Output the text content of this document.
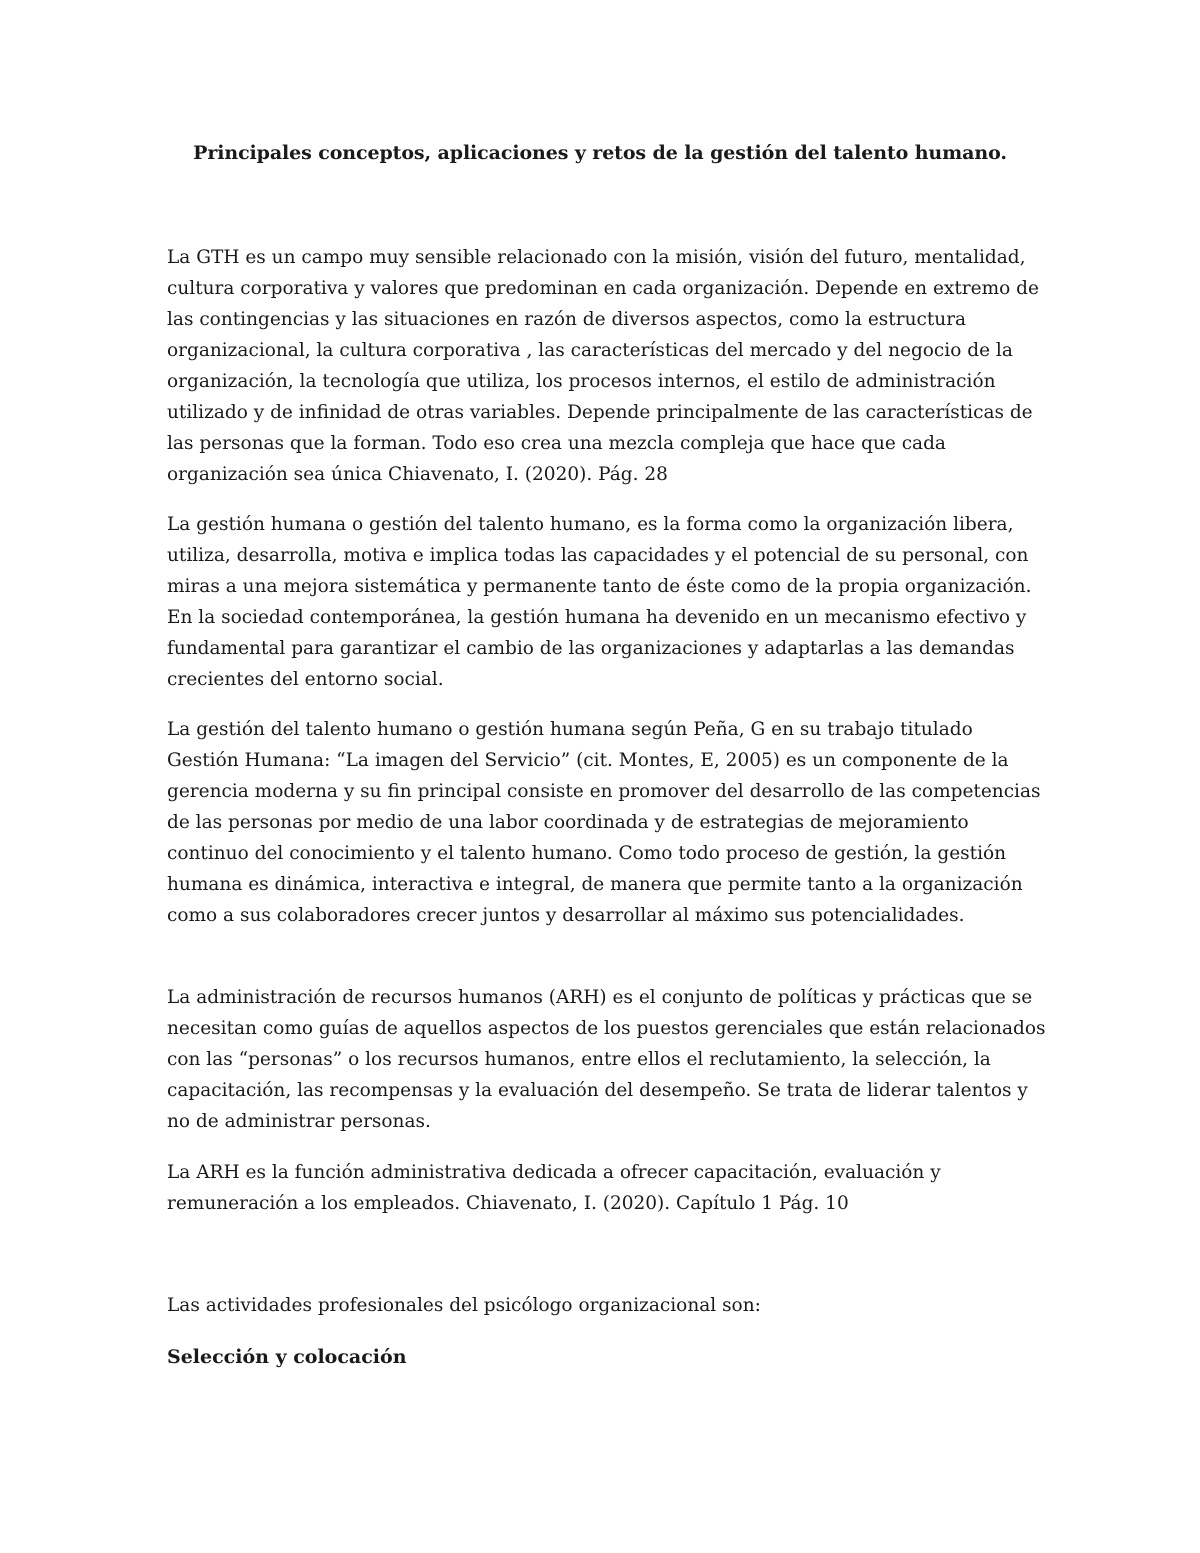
Principales conceptos, aplicaciones y retos de la gestión del talento humano.

La GTH es un campo muy sensible relacionado con la misión, visión del futuro, mentalidad, cultura corporativa y valores que predominan en cada organización. Depende en extremo de las contingencias y las situaciones en razón de diversos aspectos, como la estructura organizacional, la cultura corporativa , las características del mercado y del negocio de la organización, la tecnología que utiliza, los procesos internos, el estilo de administración utilizado y de infinidad de otras variables. Depende principalmente de las características de las personas que la forman. Todo eso crea una mezcla compleja que hace que cada organización sea única Chiavenato, I. (2020). Pág. 28

La gestión humana o gestión del talento humano, es la forma como la organización libera, utiliza, desarrolla, motiva e implica todas las capacidades y el potencial de su personal, con miras a una mejora sistemática y permanente tanto de éste como de la propia organización. En la sociedad contemporánea, la gestión humana ha devenido en un mecanismo efectivo y fundamental para garantizar el cambio de las organizaciones y adaptarlas a las demandas crecientes del entorno social.

La gestión del talento humano o gestión humana según Peña, G en su trabajo titulado Gestión Humana: “La imagen del Servicio” (cit. Montes, E, 2005) es un componente de la gerencia moderna y su fin principal consiste en promover del desarrollo de las competencias de las personas por medio de una labor coordinada y de estrategias de mejoramiento continuo del conocimiento y el talento humano. Como todo proceso de gestión, la gestión humana es dinámica, interactiva e integral, de manera que permite tanto a la organización como a sus colaboradores crecer juntos y desarrollar al máximo sus potencialidades.

La administración de recursos humanos (ARH) es el conjunto de políticas y prácticas que se necesitan como guías de aquellos aspectos de los puestos gerenciales que están relacionados con las “personas” o los recursos humanos, entre ellos el reclutamiento, la selección, la capacitación, las recompensas y la evaluación del desempeño. Se trata de liderar talentos y no de administrar personas.

La ARH es la función administrativa dedicada a ofrecer capacitación, evaluación y remuneración a los empleados. Chiavenato, I. (2020). Capítulo 1 Pág. 10

Las actividades profesionales del psicólogo organizacional son:

Selección y colocación
